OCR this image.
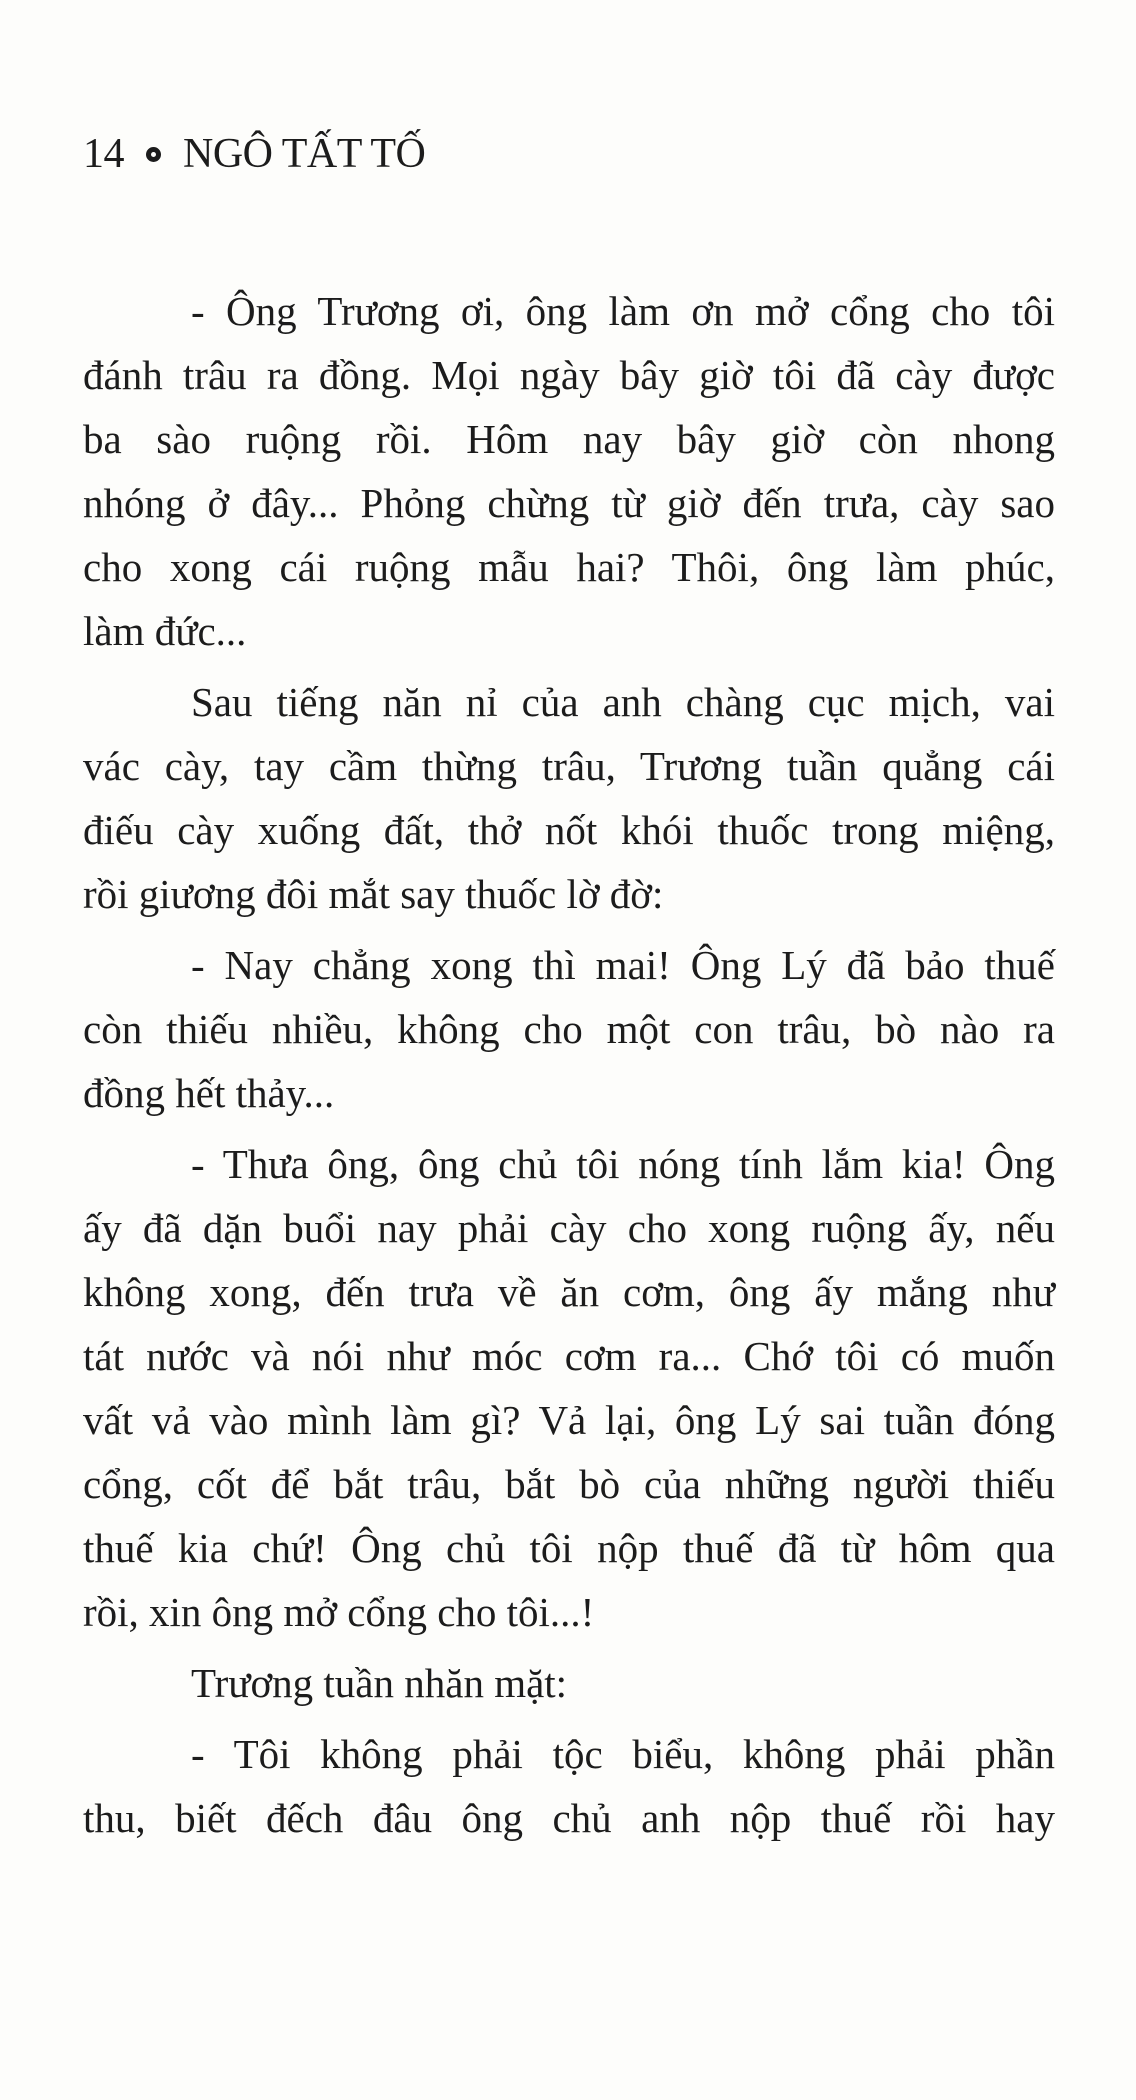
14 NGÔ TẤT TỐ
- Ông Trương ơi, ông làm ơn mở cổng cho tôi
đánh trâu ra đồng. Mọi ngày bây giờ tôi đã cày được
ba sào ruộng rồi. Hôm nay bây giờ còn nhong
nhóng ở đây... Phỏng chừng từ giờ đến trưa, cày sao
cho xong cái ruộng mẫu hai? Thôi, ông làm phúc,
làm đức...
Sau tiếng năn nỉ của anh chàng cục mịch, vai
vác cày, tay cầm thừng trâu, Trương tuần quẳng cái
điếu cày xuống đất, thở nốt khói thuốc trong miệng,
rồi giương đôi mắt say thuốc lờ đờ:
- Nay chẳng xong thì mai! Ông Lý đã bảo thuế
còn thiếu nhiều, không cho một con trâu, bò nào ra
đồng hết thảy...
- Thưa ông, ông chủ tôi nóng tính lắm kia! Ông
ấy đã dặn buổi nay phải cày cho xong ruộng ấy, nếu
không xong, đến trưa về ăn cơm, ông ấy mắng như
tát nước và nói như móc cơm ra... Chớ tôi có muốn
vất vả vào mình làm gì? Vả lại, ông Lý sai tuần đóng
cổng, cốt để bắt trâu, bắt bò của những người thiếu
thuế kia chứ! Ông chủ tôi nộp thuế đã từ hôm qua
rồi, xin ông mở cổng cho tôi...!
Trương tuần nhăn mặt:
- Tôi không phải tộc biểu, không phải phần
thu, biết đếch đâu ông chủ anh nộp thuế rồi hay
